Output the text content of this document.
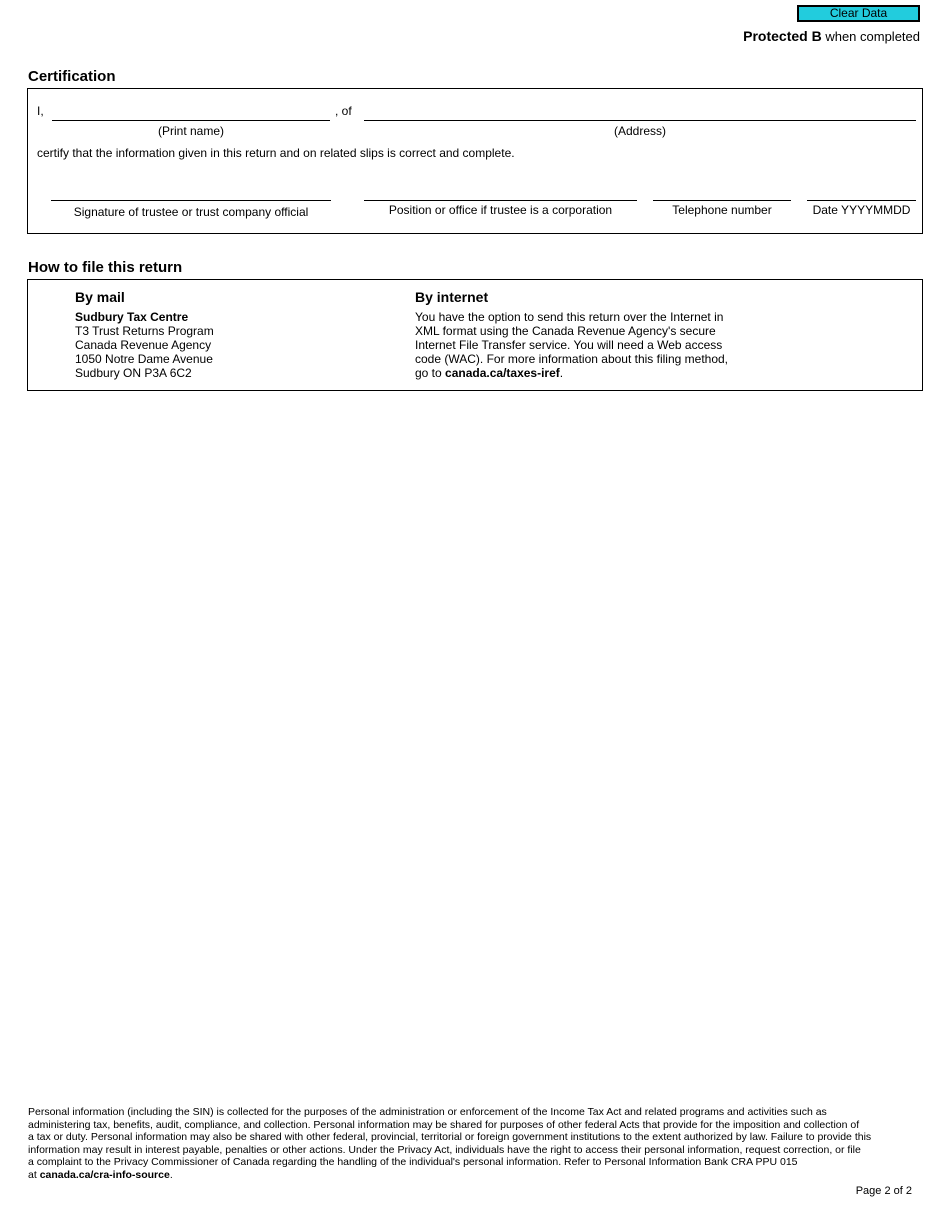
Clear Data
Protected B when completed
Certification
I,	, of
(Print name)	(Address)
certify that the information given in this return and on related slips is correct and complete.
Signature of trustee or trust company official	Position or office if trustee is a corporation	Telephone number	Date YYYYMMDD
How to file this return
By mail
Sudbury Tax Centre
T3 Trust Returns Program
Canada Revenue Agency
1050 Notre Dame Avenue
Sudbury ON P3A 6C2
By internet
You have the option to send this return over the Internet in
XML format using the Canada Revenue Agency's secure
Internet File Transfer service. You will need a Web access
code (WAC). For more information about this filing method,
go to canada.ca/taxes-iref.
Personal information (including the SIN) is collected for the purposes of the administration or enforcement of the Income Tax Act and related programs and activities such as
administering tax, benefits, audit, compliance, and collection. Personal information may be shared for purposes of other federal Acts that provide for the imposition and collection of
a tax or duty. Personal information may also be shared with other federal, provincial, territorial or foreign government institutions to the extent authorized by law. Failure to provide this
information may result in interest payable, penalties or other actions. Under the Privacy Act, individuals have the right to access their personal information, request correction, or file
a complaint to the Privacy Commissioner of Canada regarding the handling of the individual's personal information. Refer to Personal Information Bank CRA PPU 015
at canada.ca/cra-info-source.
Page 2 of 2
